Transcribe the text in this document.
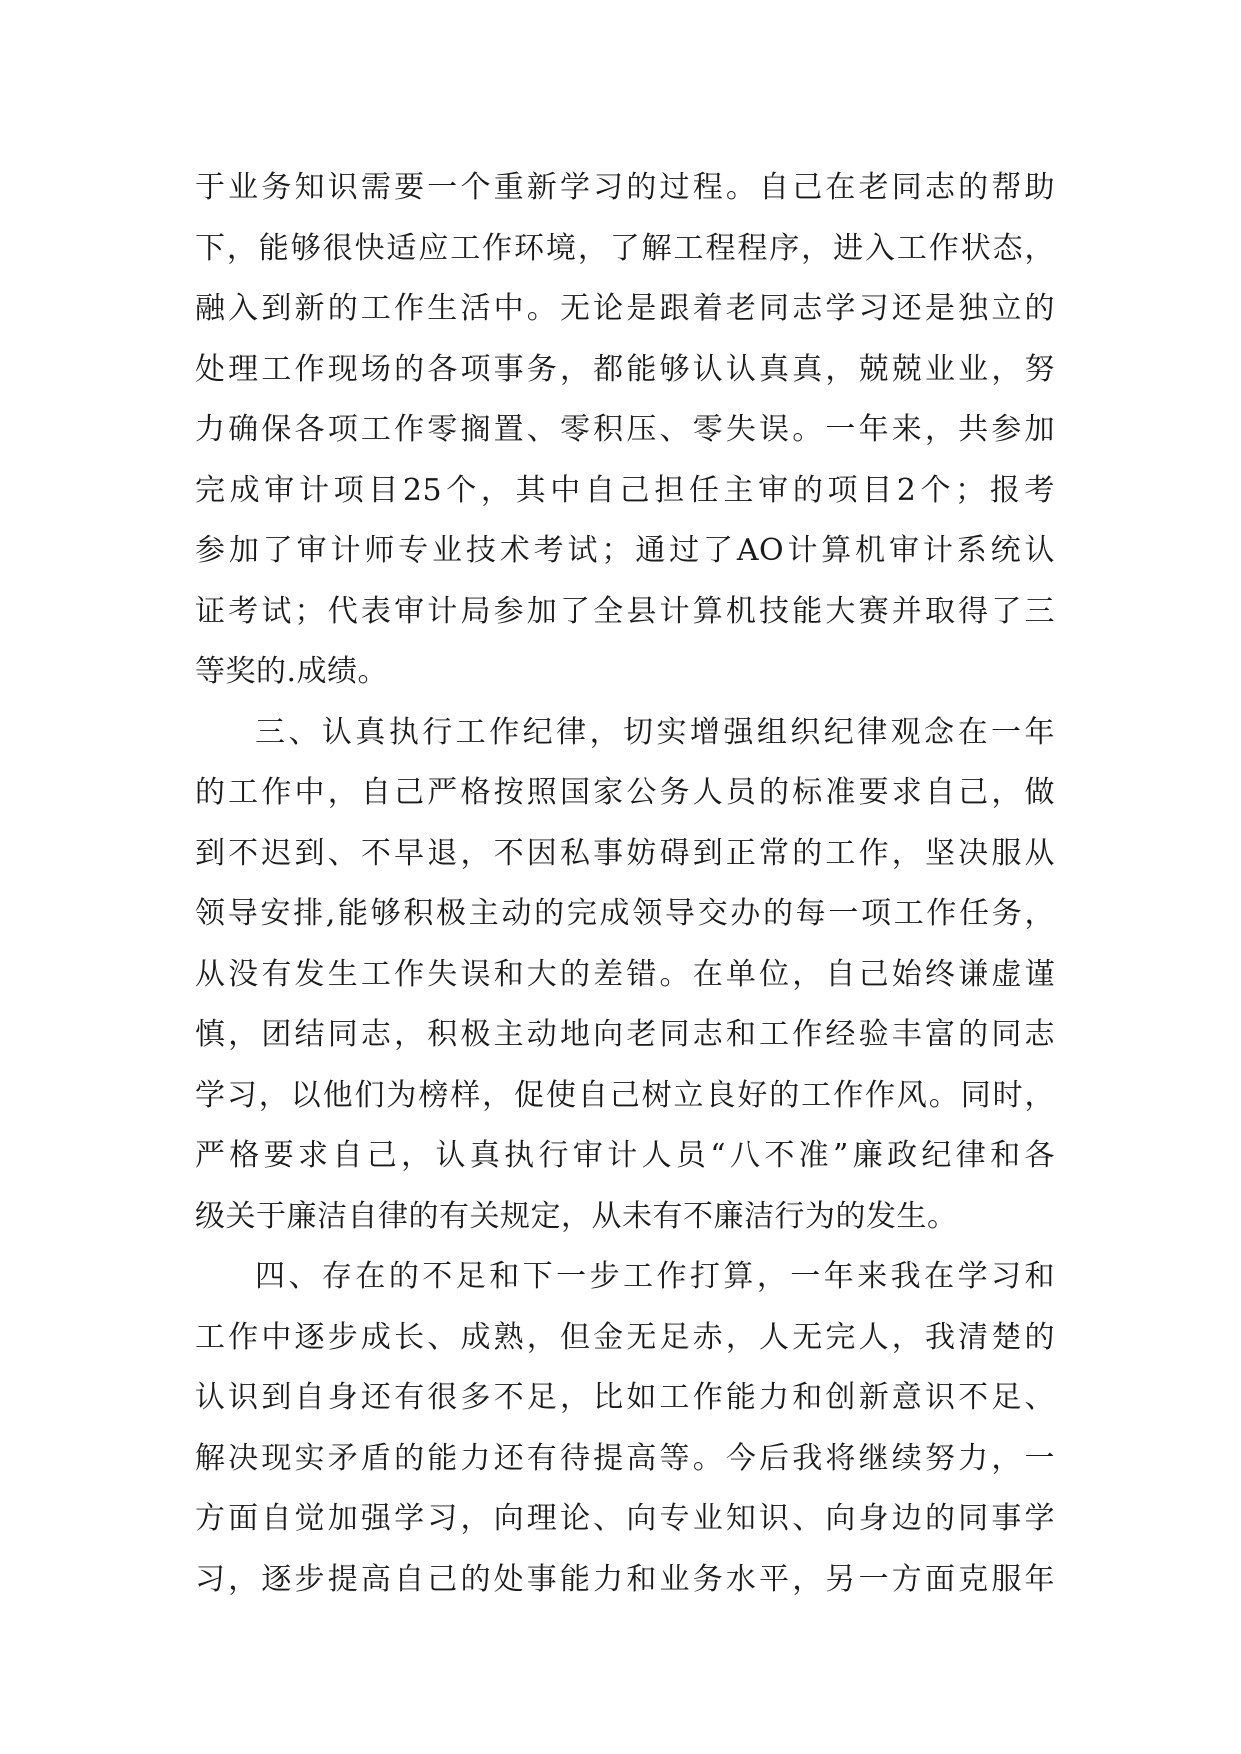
于业务知识需要一个重新学习的过程。自己在老同志的帮助
下，能够很快适应工作环境，了解工程程序，进入工作状态，
融入到新的工作生活中。无论是跟着老同志学习还是独立的
处理工作现场的各项事务，都能够认认真真，兢兢业业，努
力确保各项工作零搁置、零积压、零失误。一年来，共参加
完成审计项目25个，其中自己担任主审的项目2个；报考
参加了审计师专业技术考试；通过了AO计算机审计系统认
证考试；代表审计局参加了全县计算机技能大赛并取得了三
等奖的.成绩。
三、认真执行工作纪律，切实增强组织纪律观念在一年
的工作中，自己严格按照国家公务人员的标准要求自己，做
到不迟到、不早退，不因私事妨碍到正常的工作，坚决服从
领导安排,能够积极主动的完成领导交办的每一项工作任务，
从没有发生工作失误和大的差错。在单位，自己始终谦虚谨
慎，团结同志，积极主动地向老同志和工作经验丰富的同志
学习，以他们为榜样，促使自己树立良好的工作作风。同时，
严格要求自己，认真执行审计人员“八不准”廉政纪律和各
级关于廉洁自律的有关规定，从未有不廉洁行为的发生。
四、存在的不足和下一步工作打算，一年来我在学习和
工作中逐步成长、成熟，但金无足赤，人无完人，我清楚的
认识到自身还有很多不足，比如工作能力和创新意识不足、
解决现实矛盾的能力还有待提高等。今后我将继续努力，一
方面自觉加强学习，向理论、向专业知识、向身边的同事学
习，逐步提高自己的处事能力和业务水平，另一方面克服年
